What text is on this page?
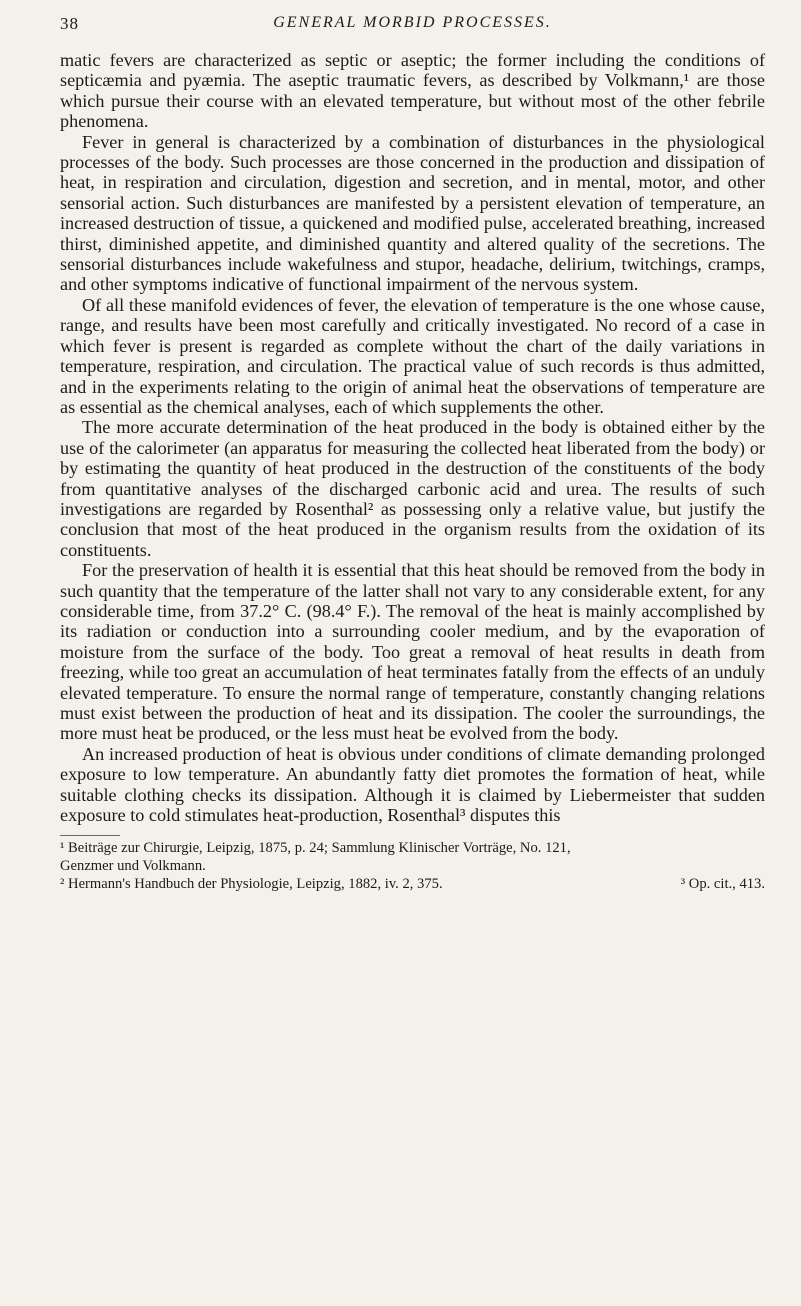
38	GENERAL MORBID PROCESSES.

matic fevers are characterized as septic or aseptic; the former including the conditions of septicæmia and pyæmia. The aseptic traumatic fevers, as described by Volkmann,¹ are those which pursue their course with an elevated temperature, but without most of the other febrile phenomena.

Fever in general is characterized by a combination of disturbances in the physiological processes of the body. Such processes are those concerned in the production and dissipation of heat, in respiration and circulation, digestion and secretion, and in mental, motor, and other sensorial action. Such disturbances are manifested by a persistent elevation of temperature, an increased destruction of tissue, a quickened and modified pulse, accelerated breathing, increased thirst, diminished appetite, and diminished quantity and altered quality of the secretions. The sensorial disturbances include wakefulness and stupor, headache, delirium, twitchings, cramps, and other symptoms indicative of functional impairment of the nervous system.

Of all these manifold evidences of fever, the elevation of temperature is the one whose cause, range, and results have been most carefully and critically investigated. No record of a case in which fever is present is regarded as complete without the chart of the daily variations in temperature, respiration, and circulation. The practical value of such records is thus admitted, and in the experiments relating to the origin of animal heat the observations of temperature are as essential as the chemical analyses, each of which supplements the other.

The more accurate determination of the heat produced in the body is obtained either by the use of the calorimeter (an apparatus for measuring the collected heat liberated from the body) or by estimating the quantity of heat produced in the destruction of the constituents of the body from quantitative analyses of the discharged carbonic acid and urea. The results of such investigations are regarded by Rosenthal² as possessing only a relative value, but justify the conclusion that most of the heat produced in the organism results from the oxidation of its constituents.

For the preservation of health it is essential that this heat should be removed from the body in such quantity that the temperature of the latter shall not vary to any considerable extent, for any considerable time, from 37.2° C. (98.4° F.). The removal of the heat is mainly accomplished by its radiation or conduction into a surrounding cooler medium, and by the evaporation of moisture from the surface of the body. Too great a removal of heat results in death from freezing, while too great an accumulation of heat terminates fatally from the effects of an unduly elevated temperature. To ensure the normal range of temperature, constantly changing relations must exist between the production of heat and its dissipation. The cooler the surroundings, the more must heat be produced, or the less must heat be evolved from the body.

An increased production of heat is obvious under conditions of climate demanding prolonged exposure to low temperature. An abundantly fatty diet promotes the formation of heat, while suitable clothing checks its dissipation. Although it is claimed by Liebermeister that sudden exposure to cold stimulates heat-production, Rosenthal³ disputes this

¹ Beiträge zur Chirurgie, Leipzig, 1875, p. 24; Sammlung Klinischer Vorträge, No. 121,
Genzmer und Volkmann.

² Hermann's Handbuch der Physiologie, Leipzig, 1882, iv. 2, 375.	³ Op. cit., 413.
